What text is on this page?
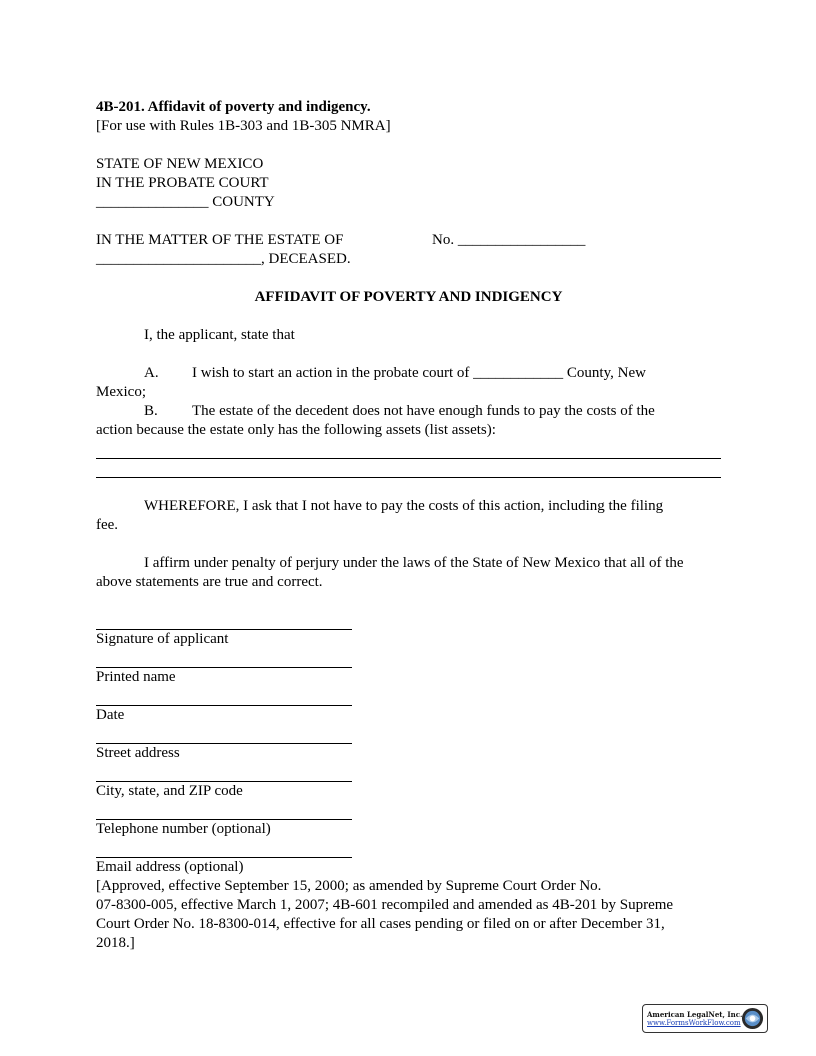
4B-201. Affidavit of poverty and indigency.
[For use with Rules 1B-303 and 1B-305 NMRA]
STATE OF NEW MEXICO
IN THE PROBATE COURT
_______________ COUNTY
IN THE MATTER OF THE ESTATE OF	No. _________________
______________________, DECEASED.
AFFIDAVIT OF POVERTY AND INDIGENCY
I, the applicant, state that
A. I wish to start an action in the probate court of ____________ County, New
Mexico;
B. The estate of the decedent does not have enough funds to pay the costs of the
action because the estate only has the following assets (list assets):
WHEREFORE, I ask that I not have to pay the costs of this action, including the filing
fee.
I affirm under penalty of perjury under the laws of the State of New Mexico that all of the
above statements are true and correct.
Signature of applicant
Printed name
Date
Street address
City, state, and ZIP code
Telephone number (optional)
Email address (optional)
[Approved, effective September 15, 2000; as amended by Supreme Court Order No.
07-8300-005, effective March 1, 2007; 4B-601 recompiled and amended as 4B-201 by Supreme
Court Order No. 18-8300-014, effective for all cases pending or filed on or after December 31,
2018.]
American LegalNet, Inc.
www.FormsWorkFlow.com
